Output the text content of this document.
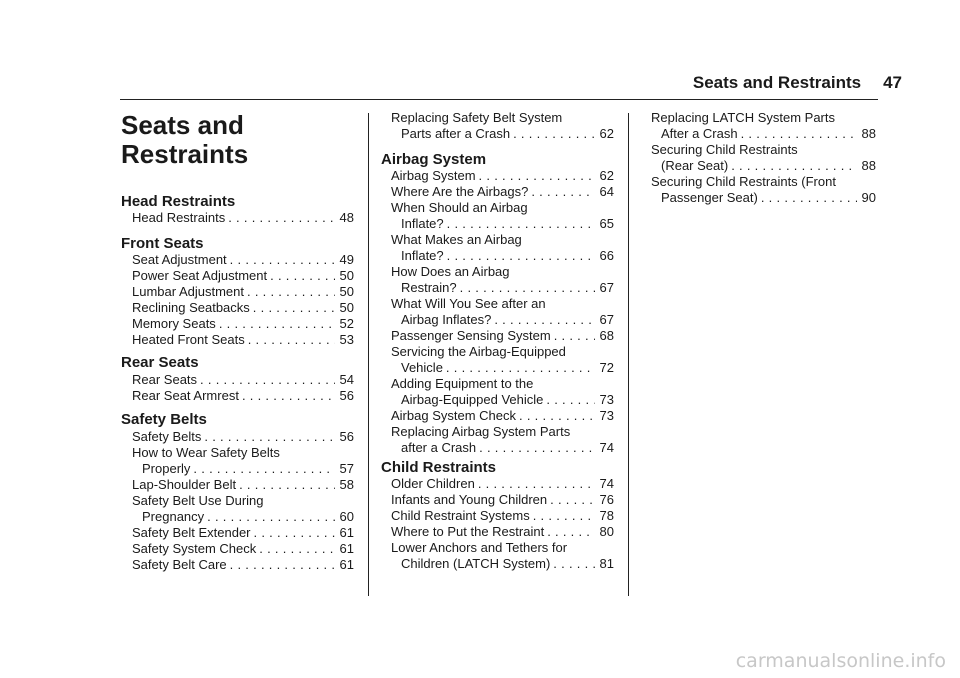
Seats and Restraints 47
Seats and
Restraints
Head Restraints
Head Restraints . . .	48
Front Seats
Seat Adjustment . . .	49
Power Seat Adjustment . . .	50
Lumbar Adjustment . . .	50
Reclining Seatbacks . . .	50
Memory Seats . . .	52
Heated Front Seats . . .	53
Rear Seats
Rear Seats . . .	54
Rear Seat Armrest . . .	56
Safety Belts
Safety Belts . . .	56
How to Wear Safety Belts
Properly . . .	57
Lap-Shoulder Belt . . .	58
Safety Belt Use During
Pregnancy . . .	60
Safety Belt Extender . . .	61
Safety System Check . . .	61
Safety Belt Care . . .	61
Replacing Safety Belt System
Parts after a Crash . . .	62
Airbag System
Airbag System . . .	62
Where Are the Airbags? . . .	64
When Should an Airbag
Inflate? . . .	65
What Makes an Airbag
Inflate? . . .	66
How Does an Airbag
Restrain? . . .	67
What Will You See after an
Airbag Inflates? . . .	67
Passenger Sensing System . . .	68
Servicing the Airbag-Equipped
Vehicle . . .	72
Adding Equipment to the
Airbag-Equipped Vehicle . . .	73
Airbag System Check . . .	73
Replacing Airbag System Parts
after a Crash . . .	74
Child Restraints
Older Children . . .	74
Infants and Young Children . . .	76
Child Restraint Systems . . .	78
Where to Put the Restraint . . .	80
Lower Anchors and Tethers for
Children (LATCH System) . . .	81
Replacing LATCH System Parts
After a Crash . . .	88
Securing Child Restraints
(Rear Seat) . . .	88
Securing Child Restraints (Front
Passenger Seat) . . .	90
carmanualsonline.info
